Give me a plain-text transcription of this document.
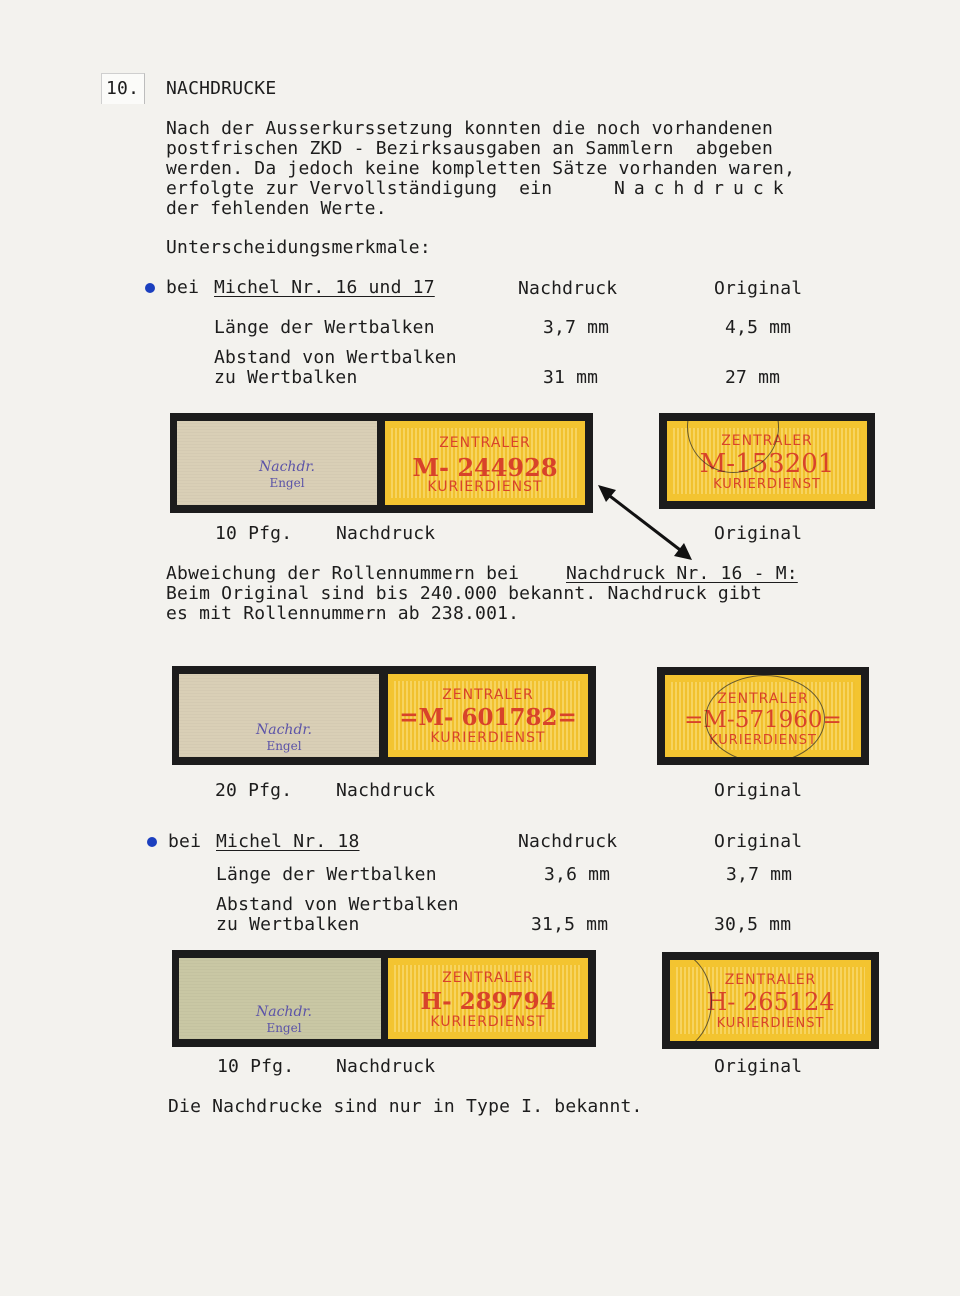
10. NACHDRUCKE
Nach der Ausserkurssetzung konnten die noch vorhandenen
postfrischen ZKD - Bezirksausgaben an Sammlern  abgeben
werden. Da jedoch keine kompletten Sätze vorhanden waren,
erfolgte zur Vervollständigung  ein	Nachdruck
der fehlenden Werte.
Unterscheidungsmerkmale:
bei Michel Nr. 16 und 17	Nachdruck	Original
Länge der Wertbalken	3,7 mm	4,5 mm
Abstand von Wertbalken
zu Wertbalken	31 mm	27 mm
Nachdr.
Engel
ZENTRALER
M- 244928
KURIERDIENST
ZENTRALER
M-153201
KURIERDIENST
10 Pfg. Nachdruck	Original
Abweichung der Rollennummern bei Nachdruck Nr. 16 - M:
Beim Original sind bis 240.000 bekannt. Nachdruck gibt
es mit Rollennummern ab 238.001.
Nachdr.
Engel
ZENTRALER
=M- 601782=
KURIERDIENST
ZENTRALER
=M-571960=
KURIERDIENST
20 Pfg. Nachdruck	Original
bei Michel Nr. 18	Nachdruck	Original
Länge der Wertbalken	3,6 mm	3,7 mm
Abstand von Wertbalken
zu Wertbalken	31,5 mm	30,5 mm
Nachdr.
Engel
ZENTRALER
H- 289794
KURIERDIENST
ZENTRALER
H- 265124
KURIERDIENST
10 Pfg. Nachdruck	Original
Die Nachdrucke sind nur in Type I. bekannt.
